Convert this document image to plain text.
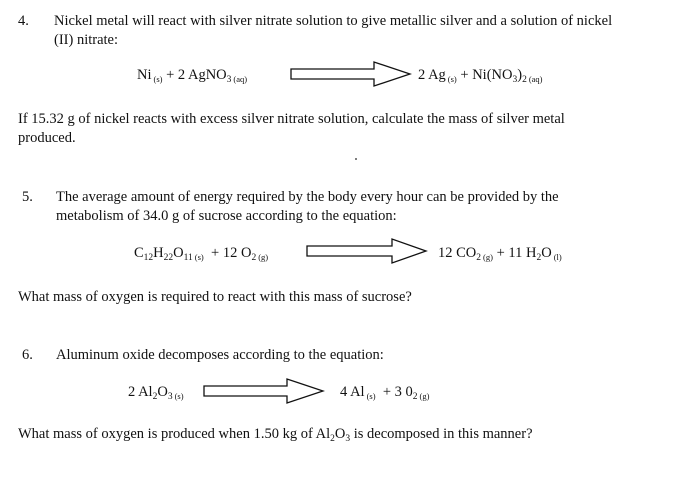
4. Nickel metal will react with silver nitrate solution to give metallic silver and a solution of nickel
(II) nitrate:
Ni $_{(s)}$ + 2 AgNO$_3$ $_{(aq)}$	2 Ag $_{(s)} + Ni(NO_3)_2$ $_{(aq)}$
If 15.32 g of nickel reacts with excess silver nitrate solution, calculate the mass of silver metal
produced.
5. The average amount of energy required by the body every hour can be provided by the
metabolism of 34.0 g of sucrose according to the equation:
$C_{12}H_{22}O_{11}$ $_{(s)}$ + 12 $O_2$ $_{(g)}$	12 $CO_2$ $_{(g)}$ + 11 $H_2O$ $_{(l)}$
What mass of oxygen is required to react with this mass of sucrose?
6. Aluminum oxide decomposes according to the equation:
2 $Al_2O_3$ $_{(s)}$	4 Al $_{(s)}$ + 3 $0_2$ $_{(g)}$
What mass of oxygen is produced when 1.50 kg of $Al_2O_3$ is decomposed in this manner?
